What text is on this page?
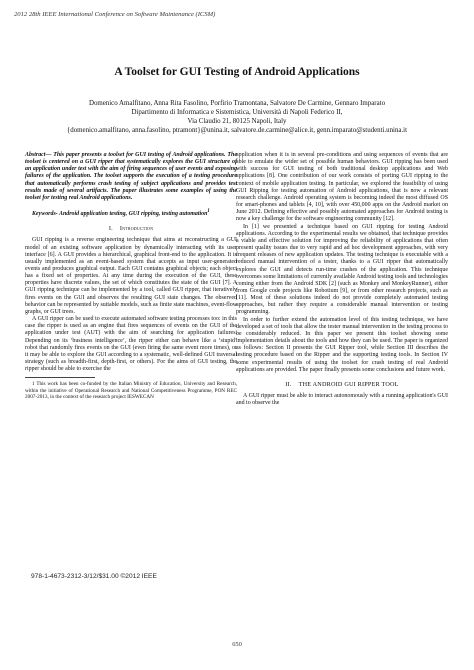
2012 28th IEEE International Conference on Software Maintenance (ICSM)
A Toolset for GUI Testing of Android Applications
Domenico Amalfitano, Anna Rita Fasolino, Porfirio Tramontana, Salvatore De Carmine, Gennaro Imparato
Dipartimento di Informatica e Sistemistica, Università di Napoli Federico II,
Via Claudio 21, 80125 Napoli, Italy
{domenico.amalfitano, anna.fasolino, ptramont}@unina.it, salvatore.de.carmine@alice.it, genn.imparato@studenti.unina.it

Abstract— This paper presents a toolset for GUI testing of Android applications. The toolset is centered on a GUI ripper that systematically explores the GUI structure of an application under test with the aim of firing sequences of user events and exposing failures of the application. The toolset supports the execution of a testing procedure that automatically performs crash testing of subject applications and provides test results made of several artifacts. The paper illustrates some examples of using the toolset for testing real Android applications.

Keywords- Android application testing, GUI ripping, testing automation$^I$

I. Introduction

GUI ripping is a reverse engineering technique that aims at reconstructing a GUI model of an existing software application by dynamically interacting with its user interface [6]. A GUI provides a hierarchical, graphical front-end to the application. It is usually implemented as an event-based system that accepts as input user-generated events and produces graphical output. Each GUI contains graphical objects; each object has a fixed set of properties. At any time during the execution of the GUI, these properties have discrete values, the set of which constitutes the state of the GUI [7]. A GUI ripping technique can be implemented by a tool, called GUI ripper, that iteratively fires events on the GUI and observes the resulting GUI state changes. The observed behavior can be represented by suitable models, such as finite state machines, event-flow graphs, or GUI trees.

A GUI ripper can be used to execute automated software testing processes too: in this case the ripper is used as an engine that fires sequences of events on the GUI of the application under test (AUT) with the aim of searching for application failures. Depending on its ‘business intelligence’, the ripper either can behave like a ‘stupid’ robot that randomly fires events on the GUI (even firing the same event more times), or it may be able to explore the GUI according to a systematic, well-defined GUI traversal strategy (such as breadth-first, depth-first, or others). For the aims of GUI testing, the ripper should be able to exercise the

1 This work has been co-funded by the Italian Ministry of Education, University and Research, within the initiative of Operational Research and National Competitiveness Programme, PON REC 2007-2013, in the context of the research project IESWECAN

application when it is in several pre-conditions and using sequences of events that are able to emulate the wider set of possible human behaviors. GUI ripping has been used with success for GUI testing of both traditional desktop applications and Web applications [8]. One contribution of our work consists of porting GUI ripping to the context of mobile application testing. In particular, we explored the feasibility of using GUI Ripping for testing automation of Android applications, that is now a relevant research challenge. Android operating system is becoming indeed the most diffused OS for smart-phones and tablets [4, 10], with over 450,000 apps on the Android market on June 2012. Defining effective and possibly automated approaches for Android testing is now a key challenge for the software engineering community [12].

In [1] we presented a technique based on GUI ripping for testing Android applications. According to the experimental results we obtained, that technique provides a viable and effective solution for improving the reliability of applications that often present quality issues due to very rapid and ad hoc development approaches, with very frequent releases of new application updates. The testing technique is executable with a reduced manual intervention of a tester, thanks to a GUI ripper that automatically explores the GUI and detects run-time crashes of the application. This technique overcomes some limitations of currently available Android testing tools and technologies coming either from the Android SDK [2] (such as Monkey and MonkeyRunner), either from Google code projects like Robotium [9], or from other research projects, such as [11]. Most of these solutions indeed do not provide completely automated testing approaches, but rather they require a considerable manual intervention or testing programming.

In order to further extend the automation level of this testing technique, we have developed a set of tools that allow the tester manual intervention in the testing process to be considerably reduced. In this paper we present this toolset showing some implementation details about the tools and how they can be used. The paper is organized as follows: Section II presents the GUI Ripper tool, while Section III describes the testing procedure based on the Ripper and the supporting testing tools. In Section IV some experimental results of using the toolset for crash testing of real Android applications are provided. The paper finally presents some conclusions and future work.

II. THE ANDROID GUI RIPPER TOOL

A GUI ripper must be able to interact autonomously with a running application's GUI and to observe the

978-1-4673-2312-3/12/$31.00 ©2012 IEEE
650
